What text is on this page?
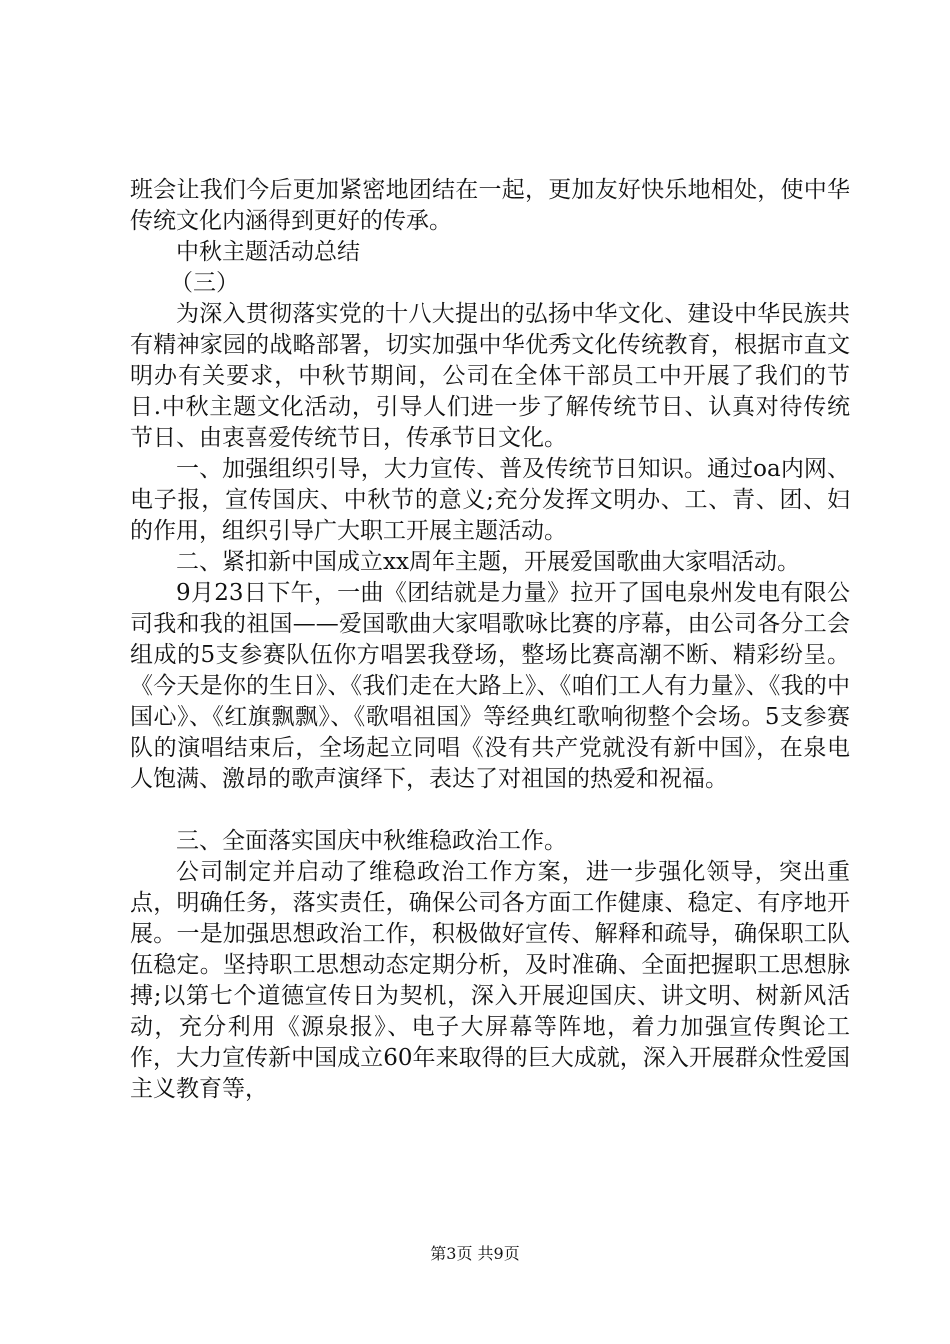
班会让我们今后更加紧密地团结在一起，更加友好快乐地相处，使中华传统文化内涵得到更好的传承。

中秋主题活动总结

（三）

为深入贯彻落实党的十八大提出的弘扬中华文化、建设中华民族共有精神家园的战略部署，切实加强中华优秀文化传统教育，根据市直文明办有关要求，中秋节期间，公司在全体干部员工中开展了我们的节日.中秋主题文化活动，引导人们进一步了解传统节日、认真对待传统节日、由衷喜爱传统节日，传承节日文化。

一、加强组织引导，大力宣传、普及传统节日知识。通过oa内网、电子报，宣传国庆、中秋节的意义;充分发挥文明办、工、青、团、妇的作用，组织引导广大职工开展主题活动。

二、紧扣新中国成立xx周年主题，开展爱国歌曲大家唱活动。

9月23日下午，一曲《团结就是力量》拉开了国电泉州发电有限公司我和我的祖国——爱国歌曲大家唱歌咏比赛的序幕，由公司各分工会组成的5支参赛队伍你方唱罢我登场，整场比赛高潮不断、精彩纷呈。《今天是你的生日》、《我们走在大路上》、《咱们工人有力量》、《我的中国心》、《红旗飘飘》、《歌唱祖国》等经典红歌响彻整个会场。5支参赛队的演唱结束后，全场起立同唱《没有共产党就没有新中国》，在泉电人饱满、激昂的歌声演绎下，表达了对祖国的热爱和祝福。

三、全面落实国庆中秋维稳政治工作。

公司制定并启动了维稳政治工作方案，进一步强化领导，突出重点，明确任务，落实责任，确保公司各方面工作健康、稳定、有序地开展。一是加强思想政治工作，积极做好宣传、解释和疏导，确保职工队伍稳定。坚持职工思想动态定期分析，及时准确、全面把握职工思想脉搏;以第七个道德宣传日为契机，深入开展迎国庆、讲文明、树新风活动，充分利用《源泉报》、电子大屏幕等阵地，着力加强宣传舆论工作，大力宣传新中国成立60年来取得的巨大成就，深入开展群众性爱国主义教育等，

第3页 共9页
